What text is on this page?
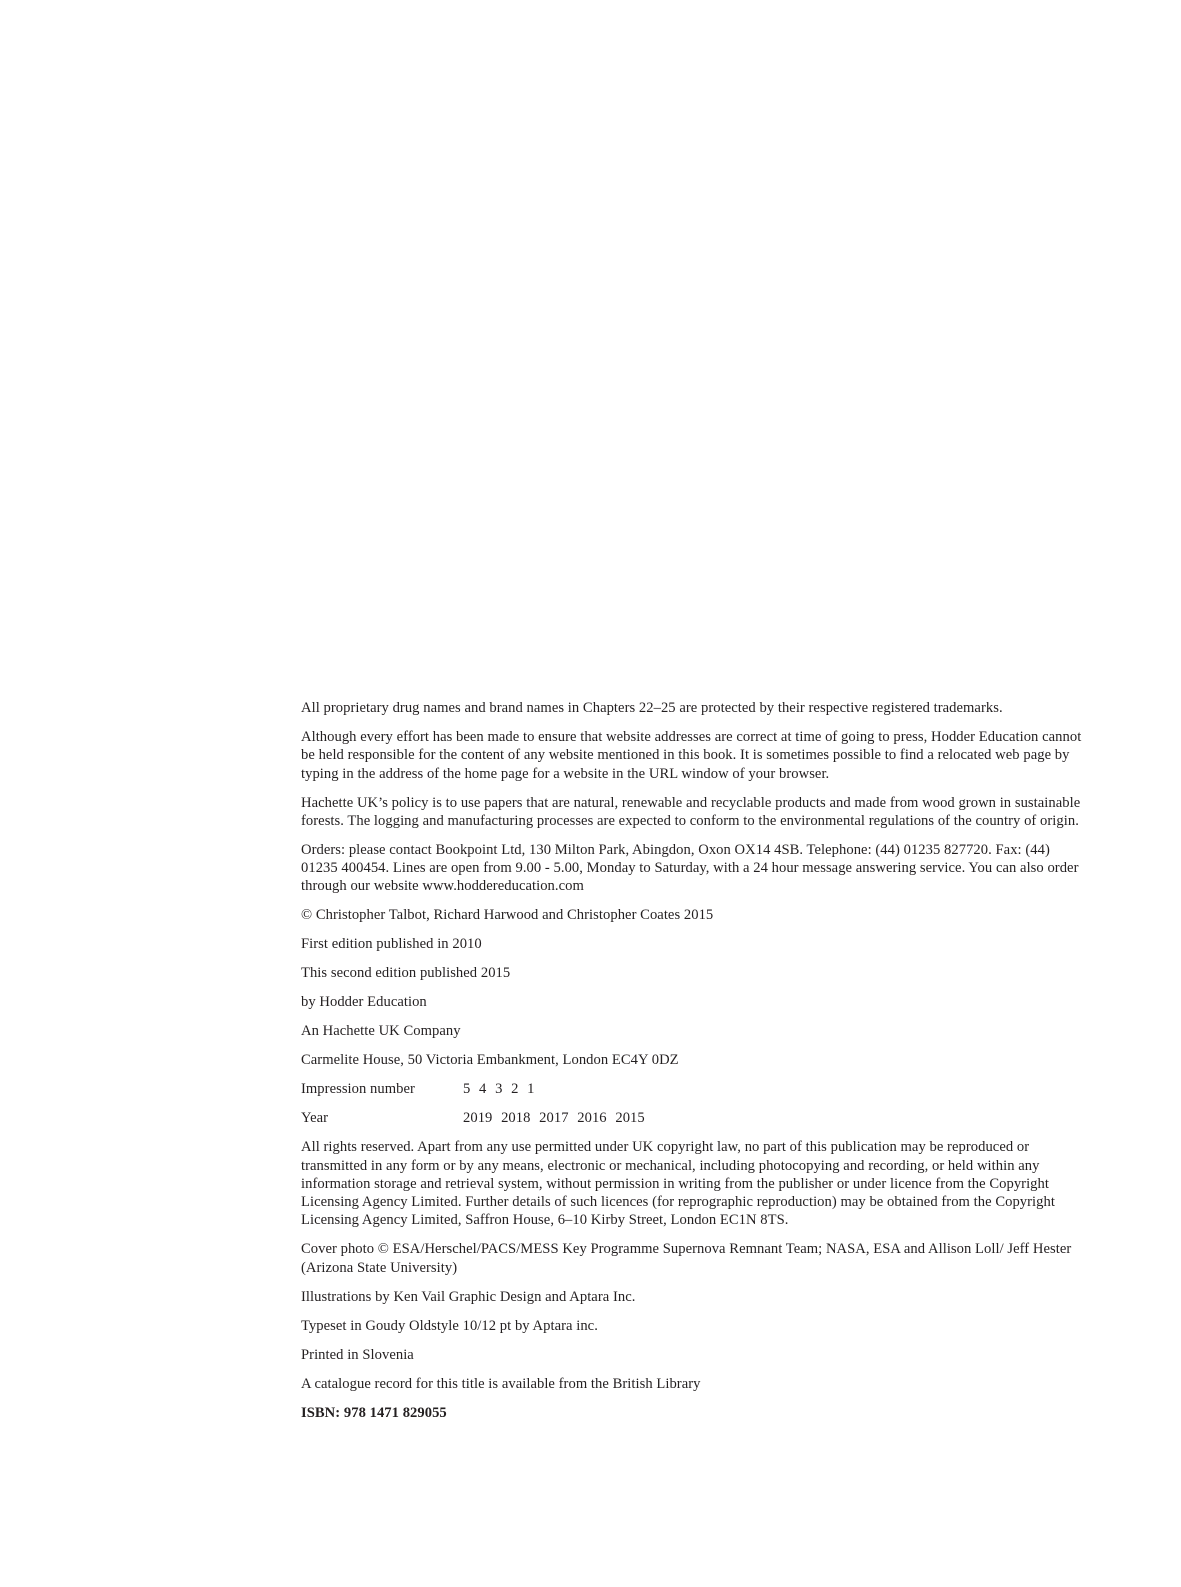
All proprietary drug names and brand names in Chapters 22–25 are protected by their respective registered trademarks.

Although every effort has been made to ensure that website addresses are correct at time of going to press, Hodder Education cannot be held responsible for the content of any website mentioned in this book. It is sometimes possible to find a relocated web page by typing in the address of the home page for a website in the URL window of your browser.

Hachette UK’s policy is to use papers that are natural, renewable and recyclable products and made from wood grown in sustainable forests. The logging and manufacturing processes are expected to conform to the environmental regulations of the country of origin.

Orders: please contact Bookpoint Ltd, 130 Milton Park, Abingdon, Oxon OX14 4SB. Telephone: (44) 01235 827720. Fax: (44) 01235 400454. Lines are open from 9.00 - 5.00, Monday to Saturday, with a 24 hour message answering service. You can also order through our website www.hoddereducation.com

© Christopher Talbot, Richard Harwood and Christopher Coates 2015

First edition published in 2010

This second edition published 2015

by Hodder Education

An Hachette UK Company

Carmelite House, 50 Victoria Embankment, London EC4Y 0DZ

Impression number	5 4 3 2 1
Year	2019 2018 2017 2016 2015

All rights reserved. Apart from any use permitted under UK copyright law, no part of this publication may be reproduced or transmitted in any form or by any means, electronic or mechanical, including photocopying and recording, or held within any information storage and retrieval system, without permission in writing from the publisher or under licence from the Copyright Licensing Agency Limited. Further details of such licences (for reprographic reproduction) may be obtained from the Copyright Licensing Agency Limited, Saffron House, 6–10 Kirby Street, London EC1N 8TS.

Cover photo © ESA/Herschel/PACS/MESS Key Programme Supernova Remnant Team; NASA, ESA and Allison Loll/ Jeff Hester (Arizona State University)

Illustrations by Ken Vail Graphic Design and Aptara Inc.

Typeset in Goudy Oldstyle 10/12 pt by Aptara inc.

Printed in Slovenia

A catalogue record for this title is available from the British Library

ISBN: 978 1471 829055
